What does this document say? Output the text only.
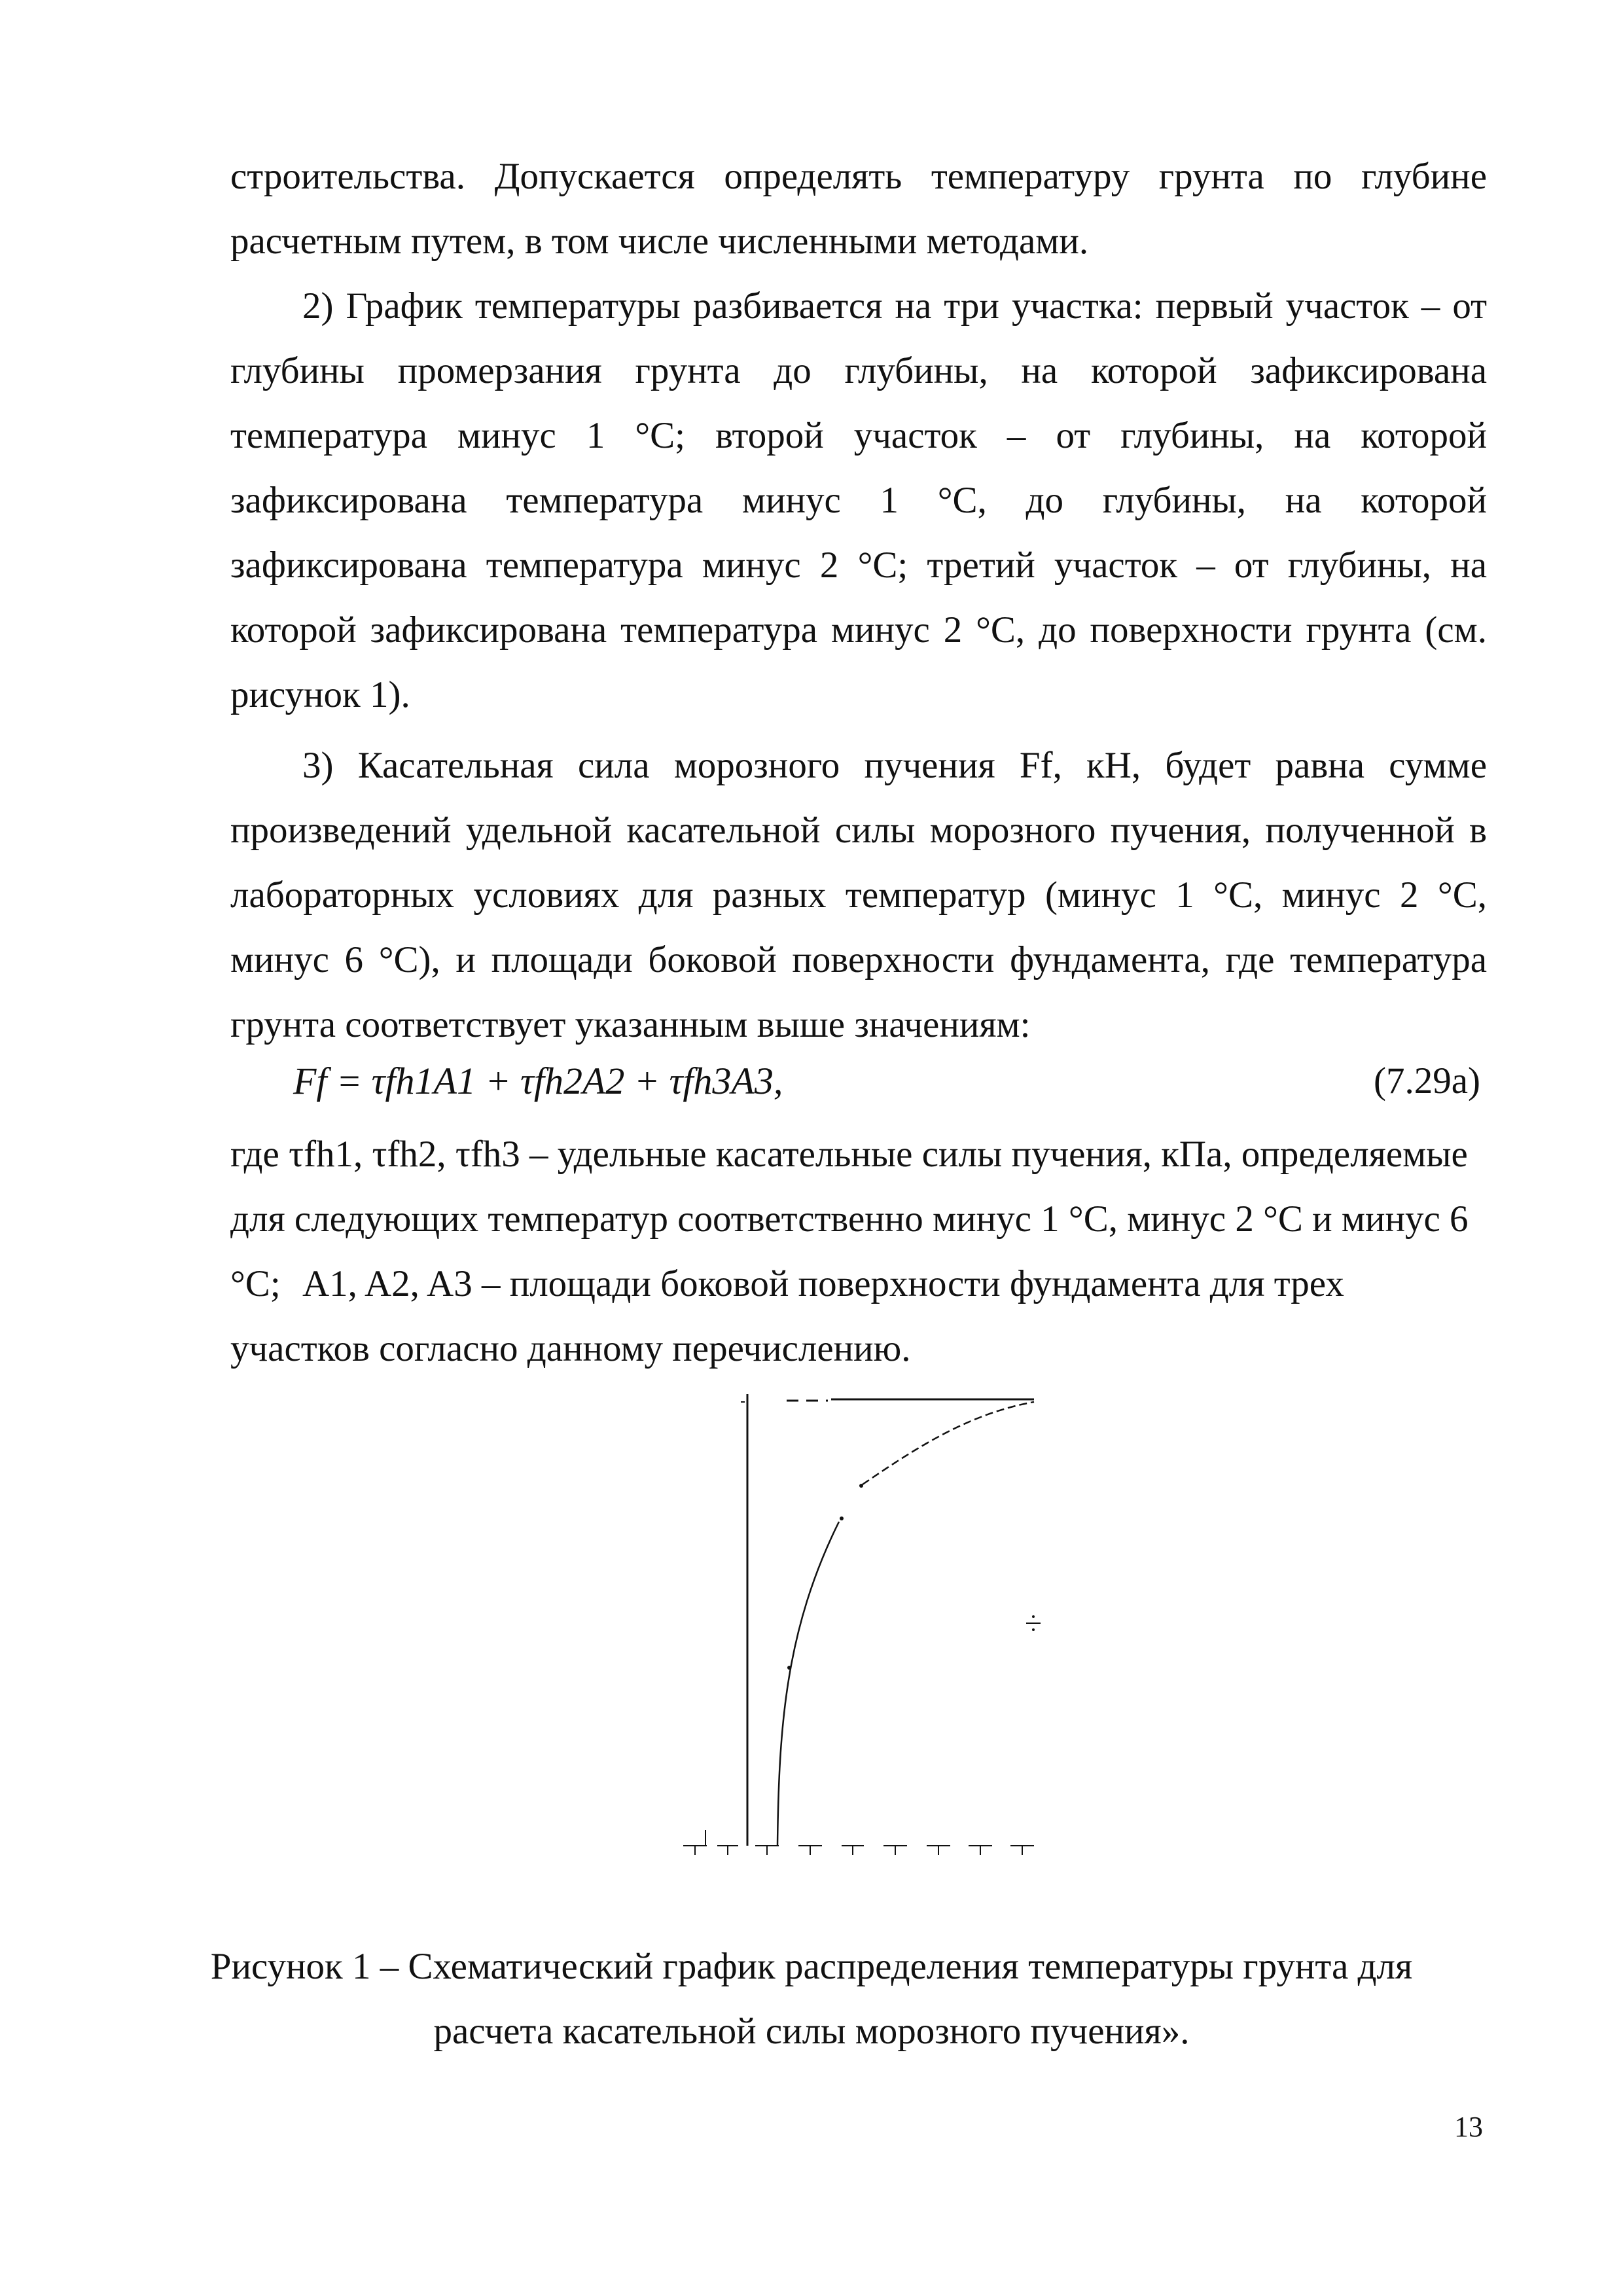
строительства. Допускается определять температуру грунта по глубине расчетным путем, в том числе численными методами.

2) График температуры разбивается на три участка: первый участок – от глубины промерзания грунта до глубины, на которой зафиксирована температура минус 1 °С; второй участок – от глубины, на которой зафиксирована температура минус 1 °С, до глубины, на которой зафиксирована температура минус 2 °С; третий участок – от глубины, на которой зафиксирована температура минус 2 °С, до поверхности грунта (см. рисунок 1).

3) Касательная сила морозного пучения Ff, кН, будет равна сумме произведений удельной касательной силы морозного пучения, полученной в лабораторных условиях для разных температур (минус 1 °С, минус 2 °С, минус 6 °С), и площади боковой поверхности фундамента, где температура грунта соответствует указанным выше значениям:

Ff = τfh1A1 + τfh2A2 + τfh3A3,	(7.29а)

где τfh1, τfh2, τfh3 – удельные касательные силы пучения, кПа, определяемые для следующих температур соответственно минус 1 °С, минус 2 °С и минус 6 °С; A1, A2, A3 – площади боковой поверхности фундамента для трех участков согласно данному перечислению.

Рисунок 1 – Схематический график распределения температуры грунта для расчета касательной силы морозного пучения».

13
